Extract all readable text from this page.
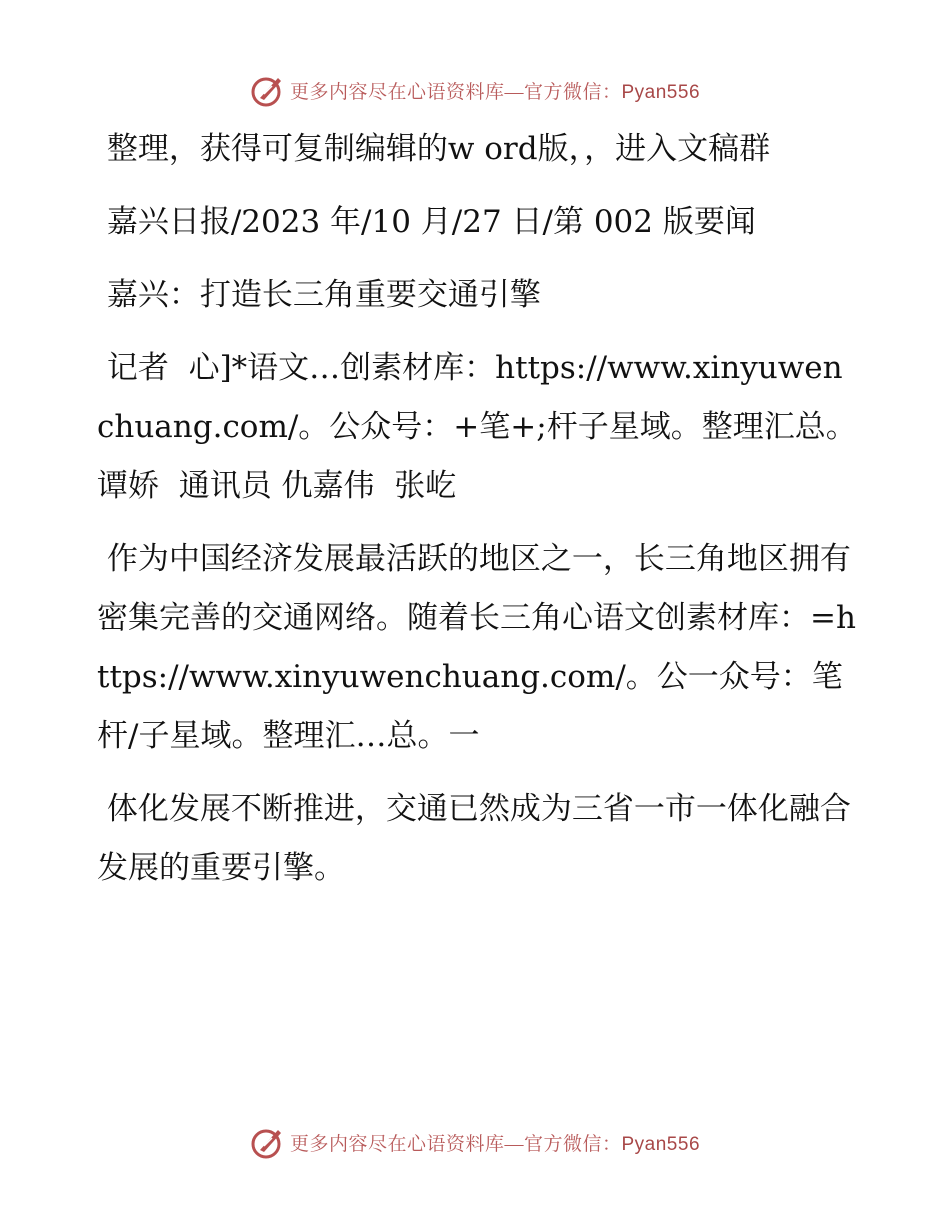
更多内容尽在心语资料库—官方微信：Pyan556

整理，获得可复制编辑的w ord版，，进入文稿群

嘉兴日报/2023 年/10 月/27 日/第 002 版要闻

嘉兴：打造长三角重要交通引擎

记者  心]*语文…创素材库：https://www.xinyuwenchuang.com/。公众号：+笔+;杆子星域。整理汇总。谭娇  通讯员 仇嘉伟  张屹

作为中国经济发展最活跃的地区之一，长三角地区拥有密集完善的交通网络。随着长三角心语文创素材库：=https://www.xinyuwenchuang.com/。公一众号：笔杆/子星域。整理汇…总。一

体化发展不断推进，交通已然成为三省一市一体化融合发展的重要引擎。

更多内容尽在心语资料库—官方微信：Pyan556
